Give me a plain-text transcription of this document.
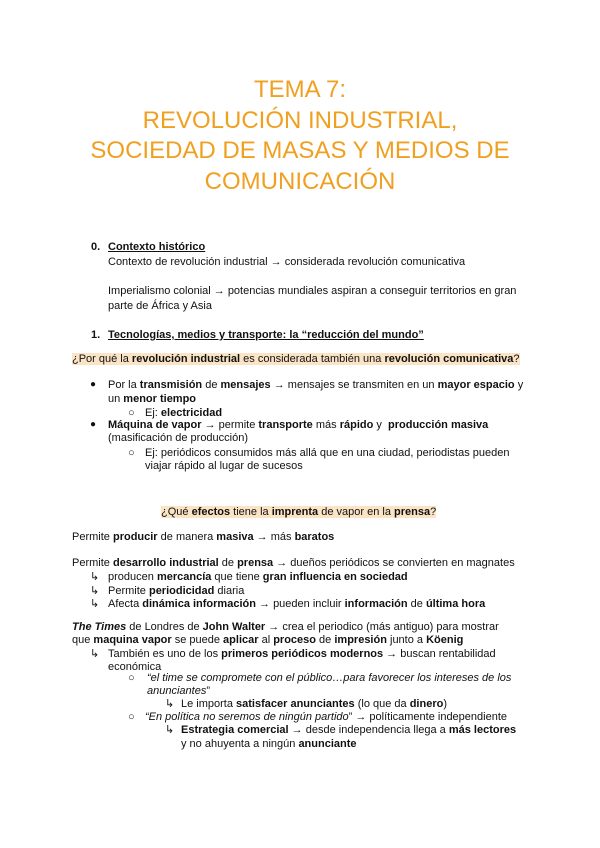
TEMA 7:
REVOLUCIÓN INDUSTRIAL,
SOCIEDAD DE MASAS Y MEDIOS DE
COMUNICACIÓN
0. Contexto histórico
Contexto de revolución industrial → considerada revolución comunicativa
Imperialismo colonial → potencias mundiales aspiran a conseguir territorios en gran
parte de África y Asia
1. Tecnologías, medios y transporte: la “reducción del mundo”
¿Por qué la revolución industrial es considerada también una revolución comunicativa?
● Por la transmisión de mensajes → mensajes se transmiten en un mayor espacio y
un menor tiempo
○ Ej: electricidad
● Máquina de vapor → permite transporte más rápido y  producción masiva
(masificación de producción)
○ Ej: periódicos consumidos más allá que en una ciudad, periodistas pueden
viajar rápido al lugar de sucesos
¿Qué efectos tiene la imprenta de vapor en la prensa?
Permite producir de manera masiva → más baratos
Permite desarrollo industrial de prensa → dueños periódicos se convierten en magnates
↳ producen mercancía que tiene gran influencia en sociedad
↳ Permite periodicidad diaria
↳ Afecta dinámica información → pueden incluir información de última hora
The Times de Londres de John Walter → crea el periodico (más antiguo) para mostrar
que maquina vapor se puede aplicar al proceso de impresión junto a Köenig
↳ También es uno de los primeros periódicos modernos → buscan rentabilidad
económica
○ “el time se compromete con el público…para favorecer los intereses de los
anunciantes”
↳ Le importa satisfacer anunciantes (lo que da dinero)
○ “En política no seremos de ningún partido” → políticamente independiente
↳ Estrategia comercial → desde independencia llega a más lectores
y no ahuyenta a ningún anunciante
